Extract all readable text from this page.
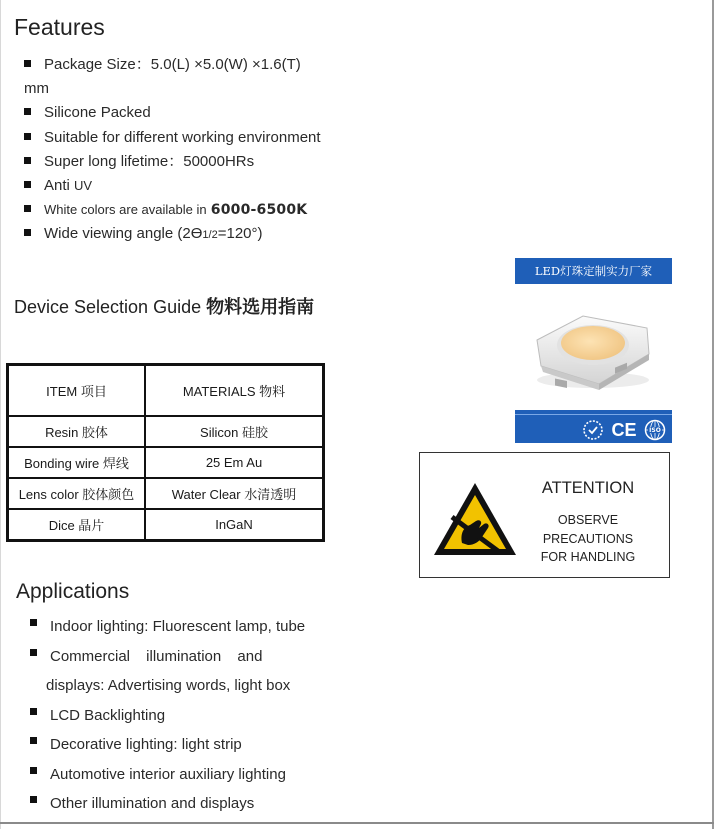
Features
Package Size：5.0(L) ×5.0(W) ×1.6(T)
mm
Silicone Packed
Suitable for different working environment
Super long lifetime：50000HRs
Anti UV
White colors are available in 6000-6500K
Wide viewing angle (2ϴ1/2=120°)
Device Selection Guide 物料选用指南
ITEM 项目	MATERIALS 物料
Resin 胶体	Silicon 硅胶
Bonding wire 焊线	25 Em Au
Lens color 胶体颜色	Water Clear 水清透明
Dice 晶片	InGaN
LED灯珠定制实力厂家
CE	ISO
ATTENTION
OBSERVE
PRECAUTIONS
FOR HANDLING
Applications
Indoor lighting: Fluorescent lamp, tube
Commercial illumination and
displays: Advertising words, light box
LCD Backlighting
Decorative lighting: light strip
Automotive interior auxiliary lighting
Other illumination and displays
